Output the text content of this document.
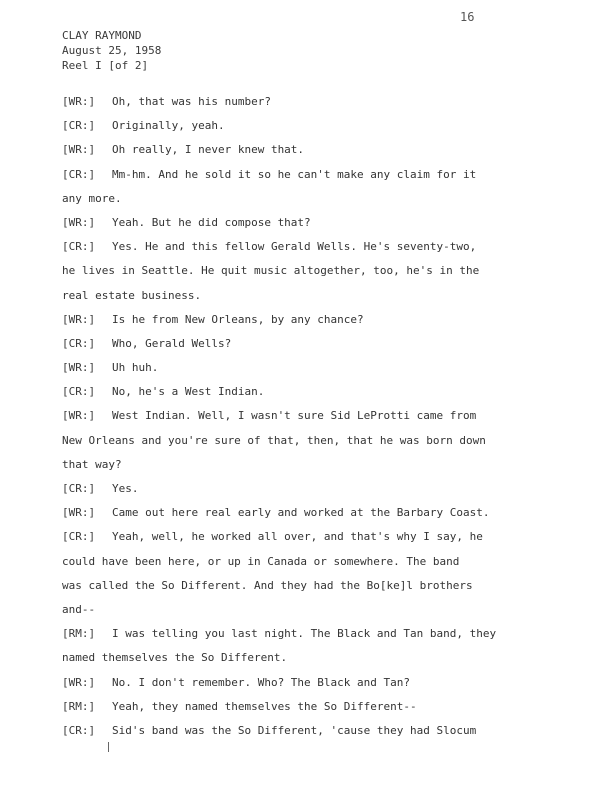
16
CLAY RAYMOND
August 25, 1958
Reel I [of 2]
[ WR :]	Oh, that was his number?
[ CR :]	Originally, yeah.
[ WR :]	Oh really, I never knew that.
[ CR :]	Mm-hm. And he sold it so he can't make any claim for it
any more.
[ WR :]	Yeah. But he did compose that?
[ CR :]	Yes. He and this fellow Gerald Wells. He's seventy-two,
he lives in Seattle. He quit music altogether, too, he's in the
real estate business.
[ WR :]	Is he from New Orleans, by any chance?
[ CR :]	Who, Gerald Wells?
[ WR :]	Uh huh.
[ CR :]	No, he's a West Indian.
[ WR :]	West Indian. Well, I wasn't sure Sid LeProtti came from
New Orleans and you're sure of that, then, that he was born down
that way?
[ CR :]	Yes.
[ WR :]	Came out here real early and worked at the Barbary Coast.
[ CR :]	Yeah, well, he worked all over, and that's why I say, he
could have been here, or up in Canada or somewhere. The band
was called the So Different. And they had the Bo[ke]l brothers
and--
[ RM :]	I was telling you last night. The Black and Tan band, they
named themselves the So Different.
[ WR :]	No. I don't remember. Who? The Black and Tan?
[ RM :]	Yeah, they named themselves the So Different--
[ CR :]	Sid's band was the So Different, 'cause they had Slocum
